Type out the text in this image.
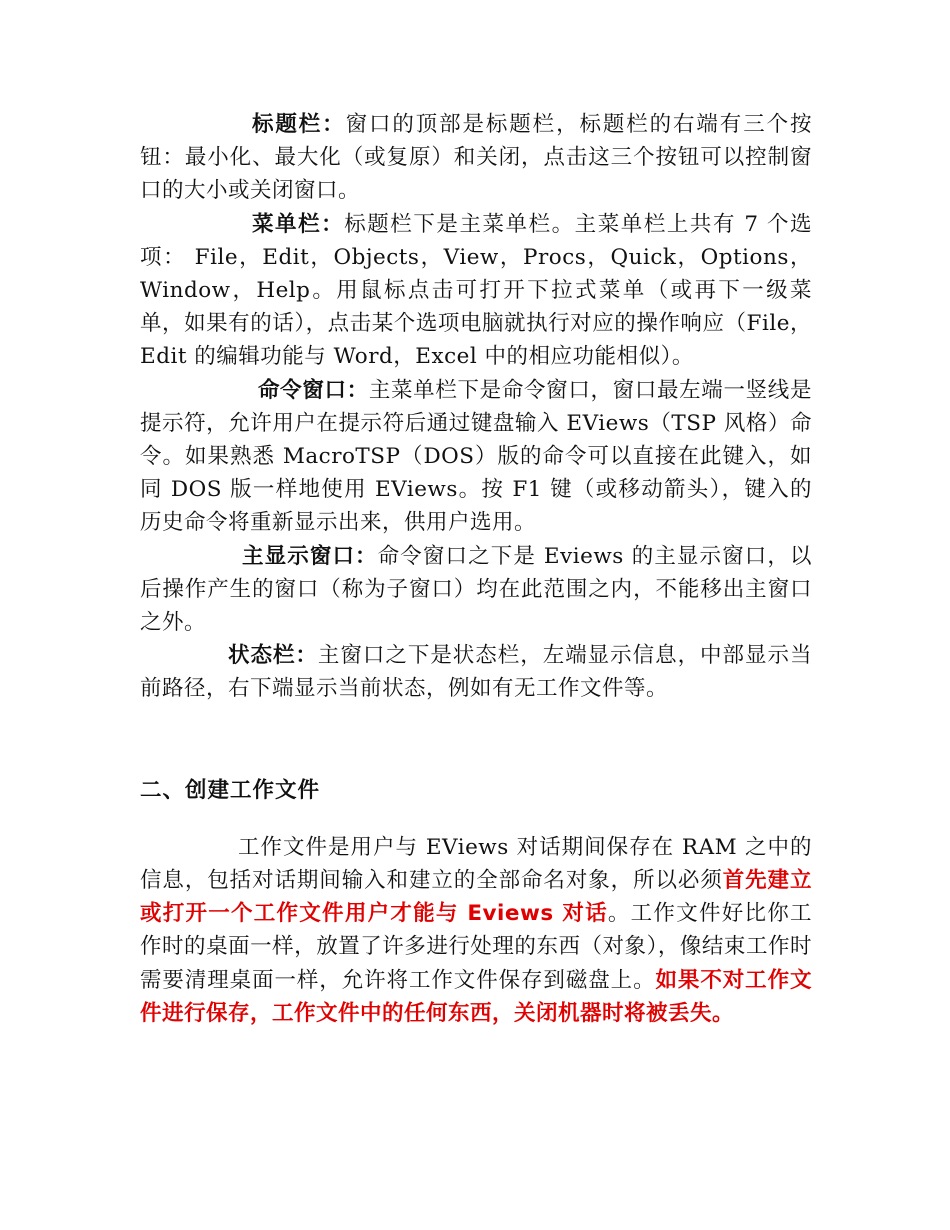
标题栏：窗口的顶部是标题栏，标题栏的右端有三个按钮：最小化、最大化（或复原）和关闭，点击这三个按钮可以控制窗口的大小或关闭窗口。

菜单栏：标题栏下是主菜单栏。主菜单栏上共有 7 个选项： File，Edit，Objects，View，Procs，Quick，Options，Window，Help。用鼠标点击可打开下拉式菜单（或再下一级菜单，如果有的话），点击某个选项电脑就执行对应的操作响应（File，Edit 的编辑功能与 Word，Excel 中的相应功能相似）。

命令窗口：主菜单栏下是命令窗口，窗口最左端一竖线是提示符，允许用户在提示符后通过键盘输入 EViews（TSP 风格）命令。如果熟悉 MacroTSP（DOS）版的命令可以直接在此键入，如同 DOS 版一样地使用 EViews。按 F1 键（或移动箭头），键入的历史命令将重新显示出来，供用户选用。

主显示窗口：命令窗口之下是 Eviews 的主显示窗口，以后操作产生的窗口（称为子窗口）均在此范围之内，不能移出主窗口之外。

状态栏：主窗口之下是状态栏，左端显示信息，中部显示当前路径，右下端显示当前状态，例如有无工作文件等。

二、创建工作文件

工作文件是用户与 EViews 对话期间保存在 RAM 之中的信息，包括对话期间输入和建立的全部命名对象，所以必须首先建立或打开一个工作文件用户才能与 Eviews 对话。工作文件好比你工作时的桌面一样，放置了许多进行处理的东西（对象），像结束工作时需要清理桌面一样，允许将工作文件保存到磁盘上。如果不对工作文件进行保存，工作文件中的任何东西，关闭机器时将被丢失。
